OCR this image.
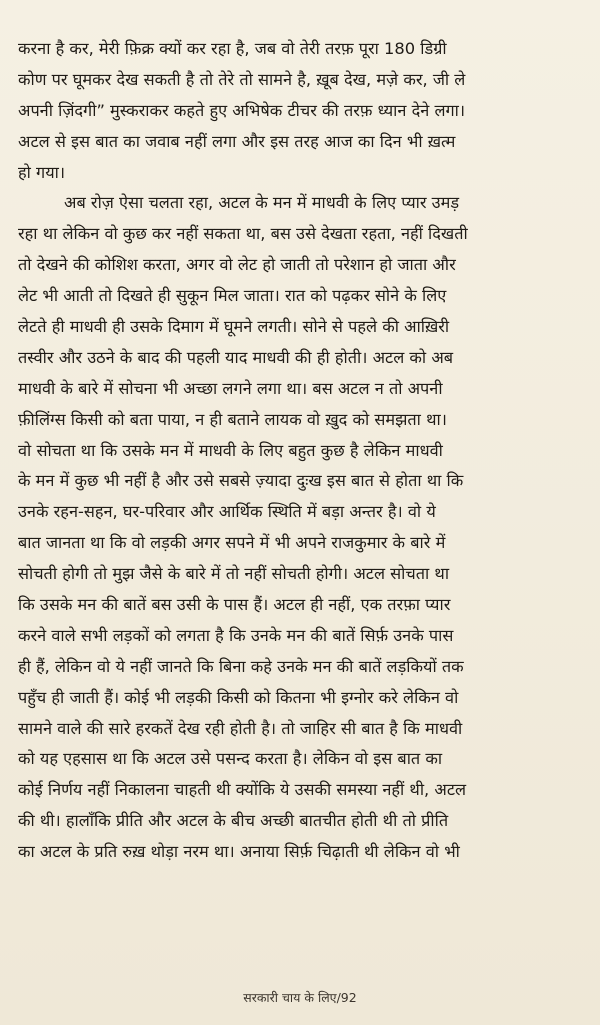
करना है कर, मेरी फ़िक्र क्यों कर रहा है, जब वो तेरी तरफ़ पूरा 180 डिग्री
कोण पर घूमकर देख सकती है तो तेरे तो सामने है, ख़ूब देख, मज़े कर, जी ले
अपनी ज़िंदगी” मुस्कराकर कहते हुए अभिषेक टीचर की तरफ़ ध्यान देने लगा।
अटल से इस बात का जवाब नहीं लगा और इस तरह आज का दिन भी ख़त्म
हो गया।
अब रोज़ ऐसा चलता रहा, अटल के मन में माधवी के लिए प्यार उमड़
रहा था लेकिन वो कुछ कर नहीं सकता था, बस उसे देखता रहता, नहीं दिखती
तो देखने की कोशिश करता, अगर वो लेट हो जाती तो परेशान हो जाता और
लेट भी आती तो दिखते ही सुकून मिल जाता। रात को पढ़कर सोने के लिए
लेटते ही माधवी ही उसके दिमाग में घूमने लगती। सोने से पहले की आख़िरी
तस्वीर और उठने के बाद की पहली याद माधवी की ही होती। अटल को अब
माधवी के बारे में सोचना भी अच्छा लगने लगा था। बस अटल न तो अपनी
फ़ीलिंग्स किसी को बता पाया, न ही बताने लायक वो ख़ुद को समझता था।
वो सोचता था कि उसके मन में माधवी के लिए बहुत कुछ है लेकिन माधवी
के मन में कुछ भी नहीं है और उसे सबसे ज़्यादा दुःख इस बात से होता था कि
उनके रहन-सहन, घर-परिवार और आर्थिक स्थिति में बड़ा अन्तर है। वो ये
बात जानता था कि वो लड़की अगर सपने में भी अपने राजकुमार के बारे में
सोचती होगी तो मुझ जैसे के बारे में तो नहीं सोचती होगी। अटल सोचता था
कि उसके मन की बातें बस उसी के पास हैं। अटल ही नहीं, एक तरफ़ा प्यार
करने वाले सभी लड़कों को लगता है कि उनके मन की बातें सिर्फ़ उनके पास
ही हैं, लेकिन वो ये नहीं जानते कि बिना कहे उनके मन की बातें लड़कियों तक
पहुँच ही जाती हैं। कोई भी लड़की किसी को कितना भी इग्नोर करे लेकिन वो
सामने वाले की सारे हरकतें देख रही होती है। तो जाहिर सी बात है कि माधवी
को यह एहसास था कि अटल उसे पसन्द करता है। लेकिन वो इस बात का
कोई निर्णय नहीं निकालना चाहती थी क्योंकि ये उसकी समस्या नहीं थी, अटल
की थी। हालाँकि प्रीति और अटल के बीच अच्छी बातचीत होती थी तो प्रीति
का अटल के प्रति रुख़ थोड़ा नरम था। अनाया सिर्फ़ चिढ़ाती थी लेकिन वो भी
सरकारी चाय के लिए/92
